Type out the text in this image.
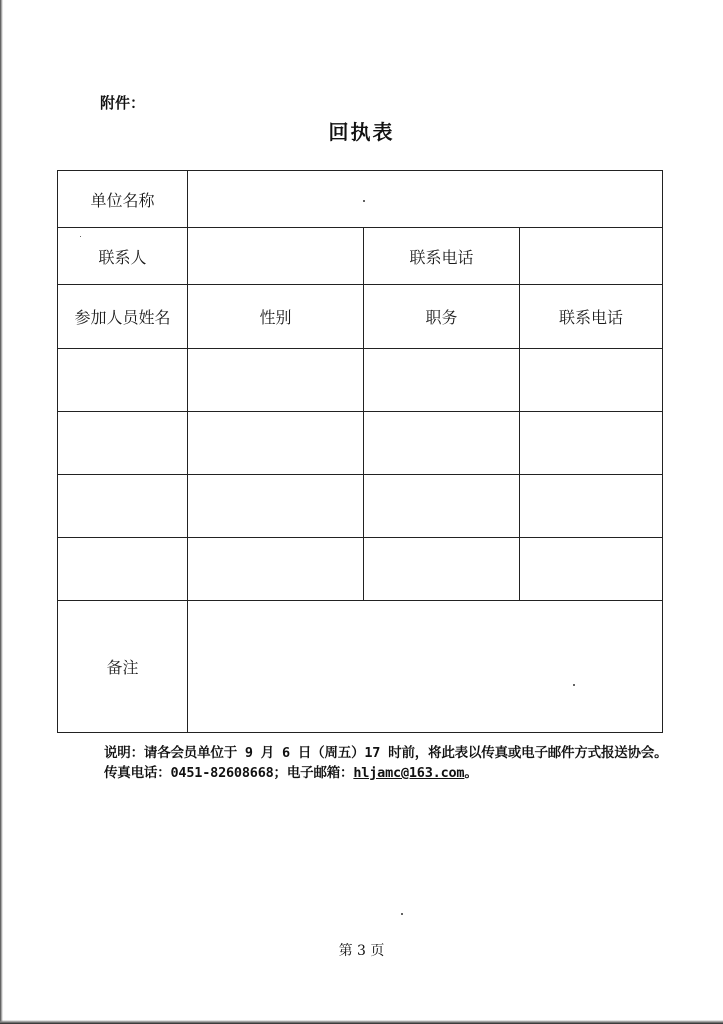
附件：
回执表
单位名称			
联系人		联系电话	
参加人员姓名	性别	职务	联系电话

备注			
说明：请各会员单位于 9 月 6 日（周五）17 时前，将此表以传真或电子邮件方式报送协会。
传真电话：0451-82608668；电子邮箱：hljamc@163.com。
第 3 页
